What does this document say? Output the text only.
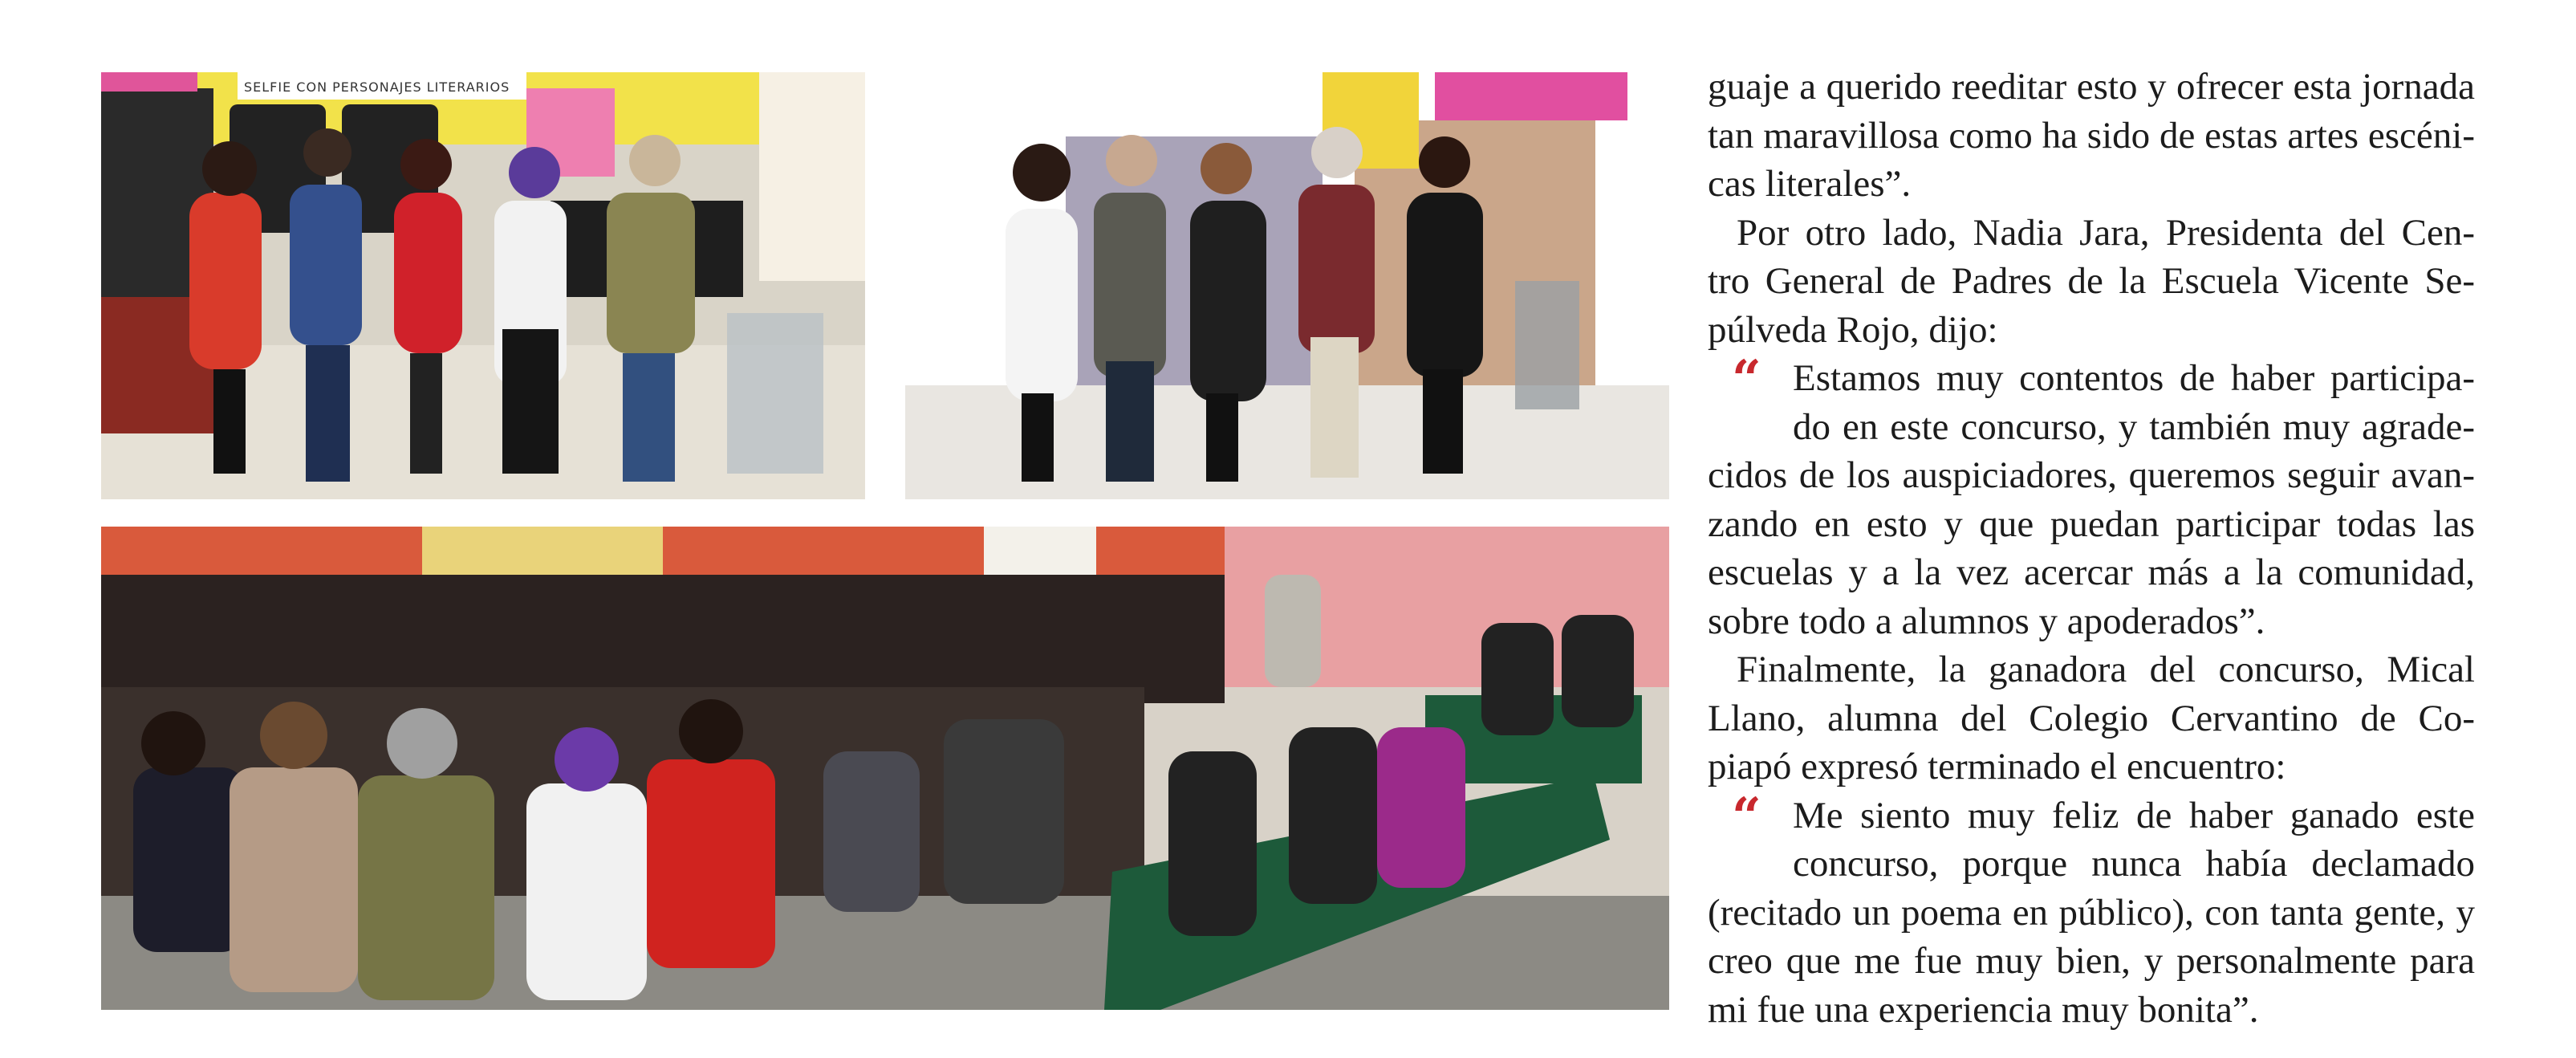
SELFIE CON PERSONAJES LITERARIOS	guaje a querido reeditar esto y ofrecer esta jornada
tan maravillosa como ha sido de estas artes escéni-
cas literales”.

Por otro lado, Nadia Jara, Presidenta del Cen-
tro General de Padres de la Escuela Vicente Se-
púlveda Rojo, dijo:

“ Estamos muy contentos de haber participa-
do en este concurso, y también muy agrade-
cidos de los auspiciadores, queremos seguir avan-
zando en esto y que puedan participar todas las
escuelas y a la vez acercar más a la comunidad,
sobre todo a alumnos y apoderados”.

Finalmente, la ganadora del concurso, Mical
Llano, alumna del Colegio Cervantino de Co-
piapó expresó terminado el encuentro:

“ Me siento muy feliz de haber ganado este
concurso, porque nunca había declamado
(recitado un poema en público), con tanta gente, y
creo que me fue muy bien, y personalmente para
mi fue una experiencia muy bonita”.
